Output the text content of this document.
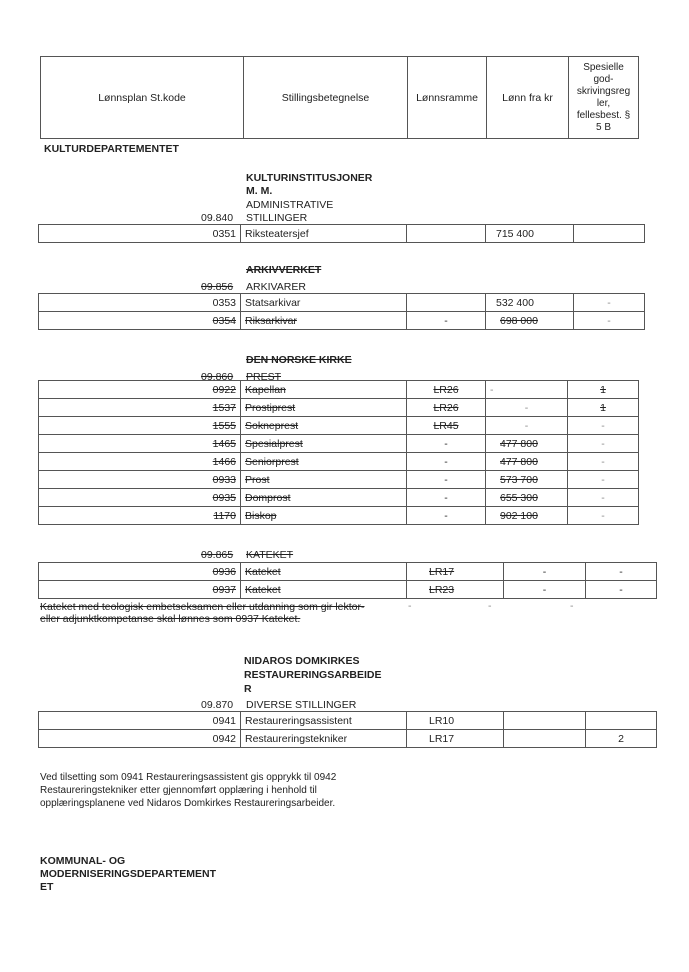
Lønnsplan St.kode	Stillingsbetegnelse	Lønnsramme	Lønn fra kr	
Spesielle
god-
skrivingsreg
ler,
fellesbest. §
5 B
KULTURDEPARTEMENTET
KULTURINSTITUSJONER
M. M.
ADMINISTRATIVE
09.840 STILLINGER
0351	Riksteatersjef		715 400	
ARKIVVERKET
09.856 ARKIVARER
0353	Statsarkivar		532 400	-
0354	Riksarkivar	-	698 000	-
DEN NORSKE KIRKE
09.860 PREST
0922	Kapellan	LR26	-	1
1537	Prostiprest	LR26	-	1
1555	Sokneprest	LR45	-	-
1465	Spesialprest	-	477 800	-
1466	Seniorprest	-	477 800	-
0933	Prost	-	573 700	-
0935	Domprost	-	655 300	-
1170	Biskop	-	902 100	-
09.865 KATEKET
0936	Kateket	LR17	-	-
0937	Kateket	LR23	-	-
Kateket med teologisk embetseksamen eller utdanning som gir lektor-
eller adjunktkompetanse skal lønnes som 0937 Kateket.
-	-	-
NIDAROS DOMKIRKES
RESTAURERINGSARBEIDE
R
09.870 DIVERSE STILLINGER
0941	Restaureringsassistent	LR10		
0942	Restaureringstekniker	LR17		2
Ved tilsetting som 0941 Restaureringsassistent gis opprykk til 0942
Restaureringstekniker etter gjennomført opplæring i henhold til
opplæringsplanene ved Nidaros Domkirkes Restaureringsarbeider.
KOMMUNAL- OG
MODERNISERINGSDEPARTEMENT
ET
